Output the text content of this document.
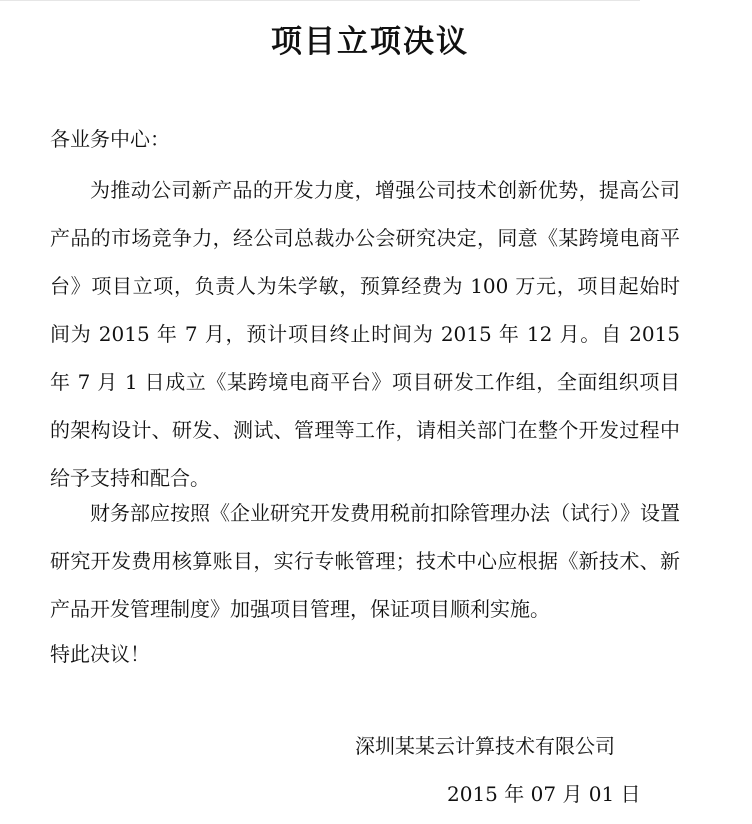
项目立项决议
各业务中心：
为推动公司新产品的开发力度，增强公司技术创新优势，提高公司产品的市场竞争力，经公司总裁办公会研究决定，同意《某跨境电商平台》项目立项，负责人为朱学敏，预算经费为 100 万元，项目起始时间为 2015 年 7 月，预计项目终止时间为 2015 年 12 月。自 2015 年 7 月 1 日成立《某跨境电商平台》项目研发工作组，全面组织项目的架构设计、研发、测试、管理等工作，请相关部门在整个开发过程中给予支持和配合。
财务部应按照《企业研究开发费用税前扣除管理办法（试行）》设置研究开发费用核算账目，实行专帐管理；技术中心应根据《新技术、新产品开发管理制度》加强项目管理，保证项目顺利实施。
特此决议！
深圳某某云计算技术有限公司
2015 年 07 月 01 日
